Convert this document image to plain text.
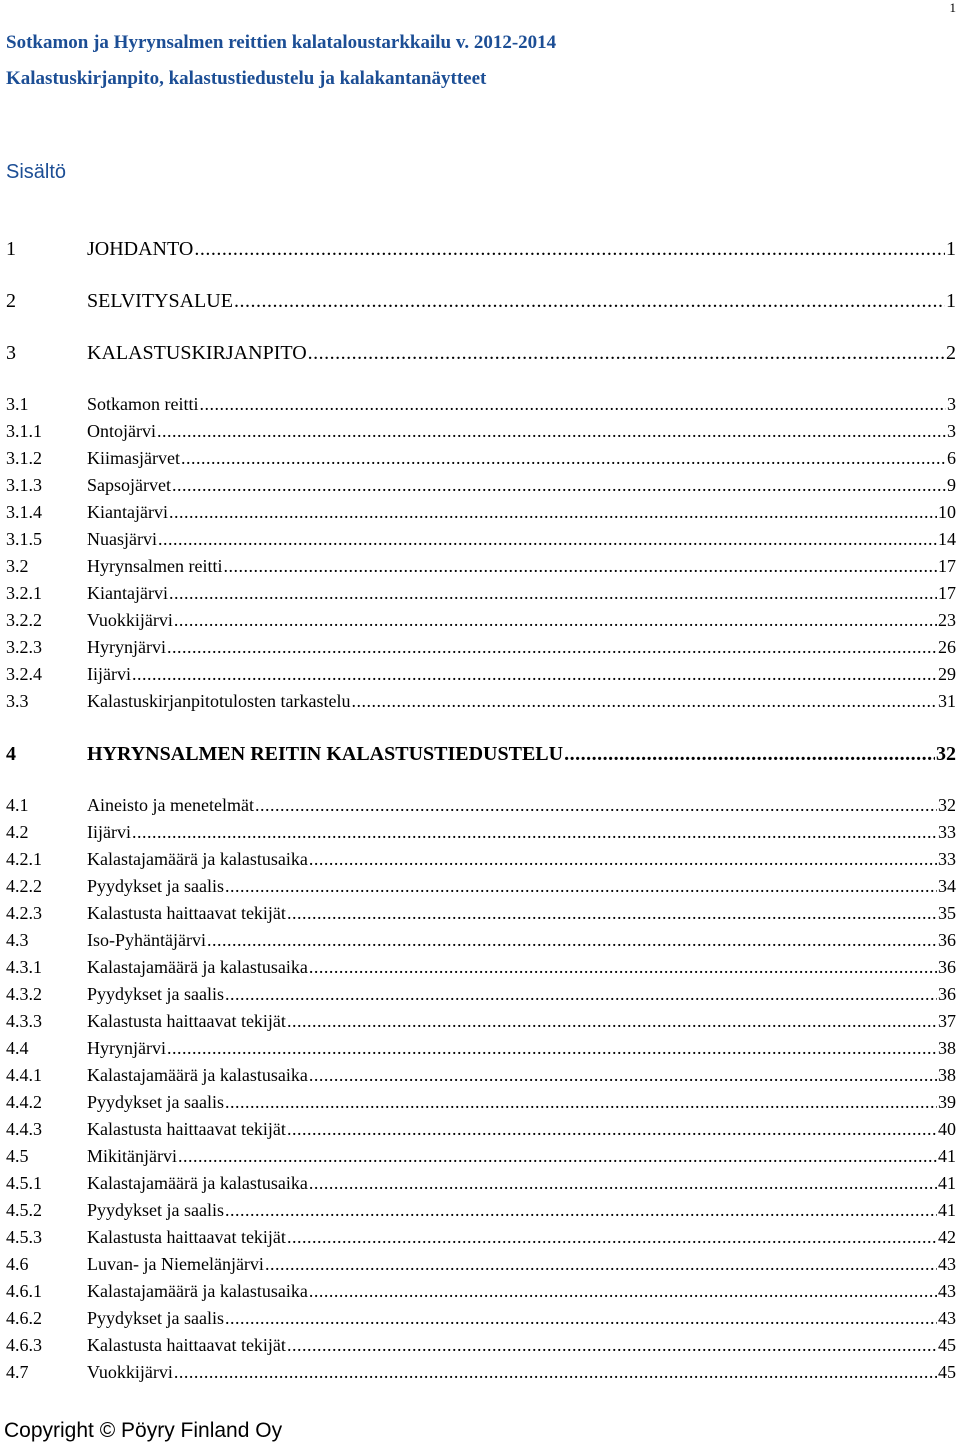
1
Sotkamon ja Hyrynsalmen reittien kalataloustarkkailu v. 2012-2014
Kalastuskirjanpito, kalastustiedustelu ja kalakantanäytteet
Sisältö
1	JOHDANTO .....	1
2	SELVITYSALUE .....	1
3	KALASTUSKIRJANPITO .....	2
3.1	Sotkamon reitti .....	3
3.1.1	Ontojärvi .....	3
3.1.2	Kiimasjärvet .....	6
3.1.3	Sapsojärvet .....	9
3.1.4	Kiantajärvi .....	10
3.1.5	Nuasjärvi .....	14
3.2	Hyrynsalmen reitti .....	17
3.2.1	Kiantajärvi .....	17
3.2.2	Vuokkijärvi .....	23
3.2.3	Hyrynjärvi .....	26
3.2.4	Iijärvi .....	29
3.3	Kalastuskirjanpitotulosten tarkastelu .....	31
4	HYRYNSALMEN REITIN KALASTUSTIEDUSTELU .....	32
4.1	Aineisto ja menetelmät .....	32
4.2	Iijärvi .....	33
4.2.1	Kalastajamäärä ja kalastusaika .....	33
4.2.2	Pyydykset ja saalis .....	34
4.2.3	Kalastusta haittaavat tekijät .....	35
4.3	Iso-Pyhäntäjärvi .....	36
4.3.1	Kalastajamäärä ja kalastusaika .....	36
4.3.2	Pyydykset ja saalis .....	36
4.3.3	Kalastusta haittaavat tekijät .....	37
4.4	Hyrynjärvi .....	38
4.4.1	Kalastajamäärä ja kalastusaika .....	38
4.4.2	Pyydykset ja saalis .....	39
4.4.3	Kalastusta haittaavat tekijät .....	40
4.5	Mikitänjärvi .....	41
4.5.1	Kalastajamäärä ja kalastusaika .....	41
4.5.2	Pyydykset ja saalis .....	41
4.5.3	Kalastusta haittaavat tekijät .....	42
4.6	Luvan- ja Niemelänjärvi .....	43
4.6.1	Kalastajamäärä ja kalastusaika .....	43
4.6.2	Pyydykset ja saalis .....	43
4.6.3	Kalastusta haittaavat tekijät .....	45
4.7	Vuokkijärvi .....	45
Copyright © Pöyry Finland Oy
